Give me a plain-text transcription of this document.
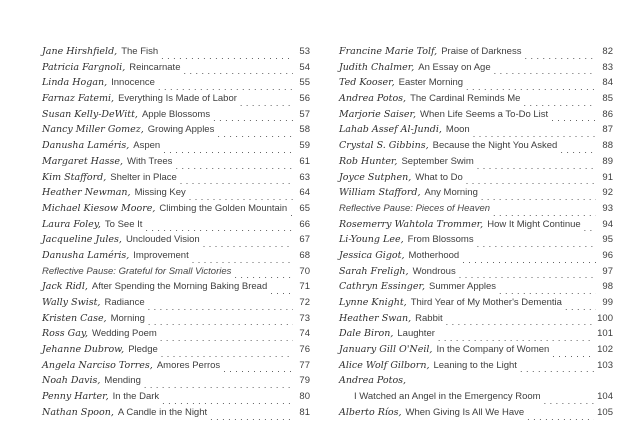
Jane Hirshfield, The Fish . . .	53
Patricia Fargnoli, Reincarnate . . .	54
Linda Hogan, Innocence . . .	55
Farnaz Fatemi, Everything Is Made of Labor . . .	56
Susan Kelly-DeWitt, Apple Blossoms . . .	57
Nancy Miller Gomez, Growing Apples . . .	58
Danusha Laméris, Aspen . . .	59
Margaret Hasse, With Trees . . .	61
Kim Stafford, Shelter in Place . . .	63
Heather Newman, Missing Key . . .	64
Michael Kiesow Moore, Climbing the Golden Mountain . . .	65
Laura Foley, To See It . . .	66
Jacqueline Jules, Unclouded Vision . . .	67
Danusha Laméris, Improvement . . .	68
Reflective Pause: Grateful for Small Victories . . .	70
Jack Ridl, After Spending the Morning Baking Bread . . .	71
Wally Swist, Radiance . . .	72
Kristen Case, Morning . . .	73
Ross Gay, Wedding Poem . . .	74
Jehanne Dubrow, Pledge . . .	76
Angela Narciso Torres, Amores Perros . . .	77
Noah Davis, Mending . . .	79
Penny Harter, In the Dark . . .	80
Nathan Spoon, A Candle in the Night . . .	81
Francine Marie Tolf, Praise of Darkness . . .	82
Judith Chalmer, An Essay on Age . . .	83
Ted Kooser, Easter Morning . . .	84
Andrea Potos, The Cardinal Reminds Me . . .	85
Marjorie Saiser, When Life Seems a To-Do List . . .	86
Lahab Assef Al-Jundi, Moon . . .	87
Crystal S. Gibbins, Because the Night You Asked . . .	88
Rob Hunter, September Swim . . .	89
Joyce Sutphen, What to Do . . .	91
William Stafford, Any Morning . . .	92
Reflective Pause: Pieces of Heaven . . .	93
Rosemerry Wahtola Trommer, How It Might Continue . . .	94
Li-Young Lee, From Blossoms . . .	95
Jessica Gigot, Motherhood . . .	96
Sarah Freligh, Wondrous . . .	97
Cathryn Essinger, Summer Apples . . .	98
Lynne Knight, Third Year of My Mother's Dementia . . .	99
Heather Swan, Rabbit . . .	100
Dale Biron, Laughter . . .	101
January Gill O'Neil, In the Company of Women . . .	102
Alice Wolf Gilborn, Leaning to the Light . . .	103
Andrea Potos,
I Watched an Angel in the Emergency Room . . .	104
Alberto Ríos, When Giving Is All We Have . . .	105
